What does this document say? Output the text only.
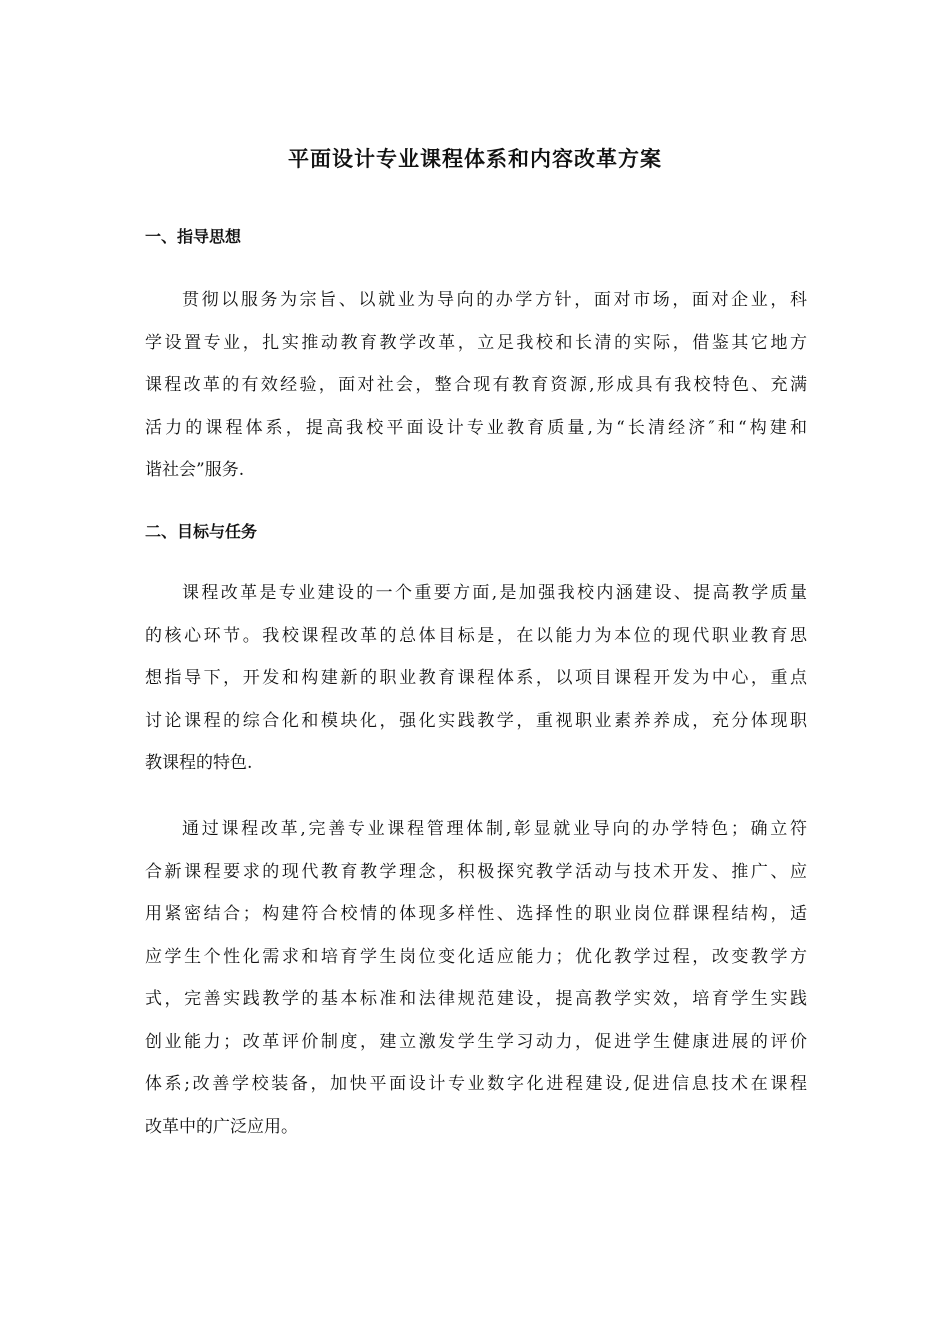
平面设计专业课程体系和内容改革方案
一、指导思想
贯彻以服务为宗旨、以就业为导向的办学方针，面对市场，面对企业，科
学设置专业，扎实推动教育教学改革，立足我校和长清的实际，借鉴其它地方
课程改革的有效经验，面对社会，整合现有教育资源,形成具有我校特色、充满
活力的课程体系，提高我校平面设计专业教育质量,为“长清经济″和“构建和
谐社会”服务.
二、目标与任务
课程改革是专业建设的一个重要方面,是加强我校内涵建设、提高教学质量
的核心环节。我校课程改革的总体目标是，在以能力为本位的现代职业教育思
想指导下，开发和构建新的职业教育课程体系，以项目课程开发为中心，重点
讨论课程的综合化和模块化，强化实践教学，重视职业素养养成，充分体现职
教课程的特色.
通过课程改革,完善专业课程管理体制,彰显就业导向的办学特色；确立符
合新课程要求的现代教育教学理念，积极探究教学活动与技术开发、推广、应
用紧密结合；构建符合校情的体现多样性、选择性的职业岗位群课程结构，适
应学生个性化需求和培育学生岗位变化适应能力；优化教学过程，改变教学方
式，完善实践教学的基本标准和法律规范建设，提高教学实效，培育学生实践
创业能力；改革评价制度，建立激发学生学习动力，促进学生健康进展的评价
体系;改善学校装备，加快平面设计专业数字化进程建设,促进信息技术在课程
改革中的广泛应用。
